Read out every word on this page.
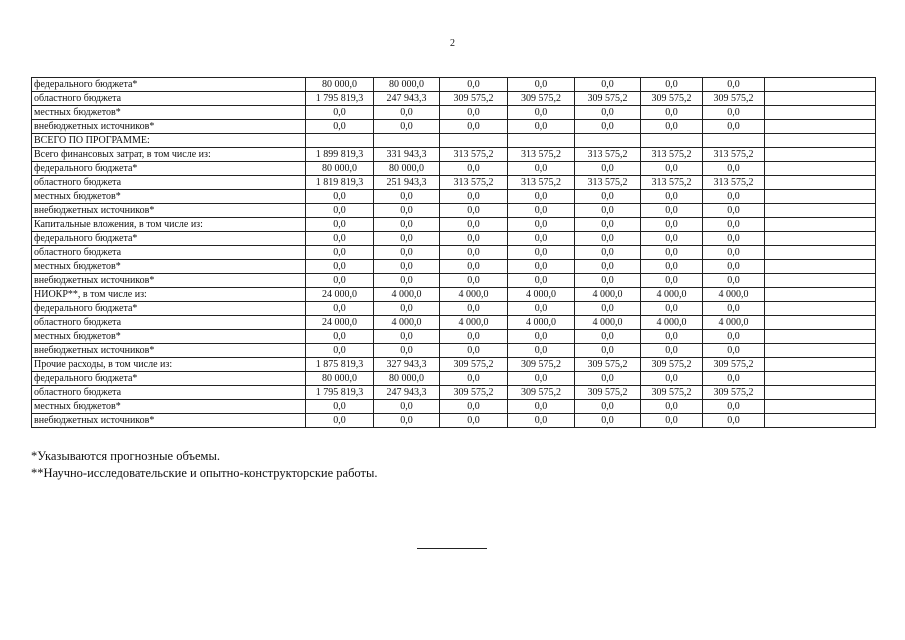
2
федерального бюджета*	80 000,0	80 000,0	0,0	0,0	0,0	0,0	0,0	
областного бюджета	1 795 819,3	247 943,3	309 575,2	309 575,2	309 575,2	309 575,2	309 575,2	
местных бюджетов*	0,0	0,0	0,0	0,0	0,0	0,0	0,0	
внебюджетных источников*	0,0	0,0	0,0	0,0	0,0	0,0	0,0	
ВСЕГО ПО ПРОГРАММЕ:								
Всего финансовых затрат, в том числе из:	1 899 819,3	331 943,3	313 575,2	313 575,2	313 575,2	313 575,2	313 575,2	
федерального бюджета*	80 000,0	80 000,0	0,0	0,0	0,0	0,0	0,0	
областного бюджета	1 819 819,3	251 943,3	313 575,2	313 575,2	313 575,2	313 575,2	313 575,2	
местных бюджетов*	0,0	0,0	0,0	0,0	0,0	0,0	0,0	
внебюджетных источников*	0,0	0,0	0,0	0,0	0,0	0,0	0,0	
Капитальные вложения, в том числе из:	0,0	0,0	0,0	0,0	0,0	0,0	0,0	
федерального бюджета*	0,0	0,0	0,0	0,0	0,0	0,0	0,0	
областного бюджета	0,0	0,0	0,0	0,0	0,0	0,0	0,0	
местных бюджетов*	0,0	0,0	0,0	0,0	0,0	0,0	0,0	
внебюджетных источников*	0,0	0,0	0,0	0,0	0,0	0,0	0,0	
НИОКР**, в том числе из:	24 000,0	4 000,0	4 000,0	4 000,0	4 000,0	4 000,0	4 000,0	
федерального бюджета*	0,0	0,0	0,0	0,0	0,0	0,0	0,0	
областного бюджета	24 000,0	4 000,0	4 000,0	4 000,0	4 000,0	4 000,0	4 000,0	
местных бюджетов*	0,0	0,0	0,0	0,0	0,0	0,0	0,0	
внебюджетных источников*	0,0	0,0	0,0	0,0	0,0	0,0	0,0	
Прочие расходы, в том числе из:	1 875 819,3	327 943,3	309 575,2	309 575,2	309 575,2	309 575,2	309 575,2	
федерального бюджета*	80 000,0	80 000,0	0,0	0,0	0,0	0,0	0,0	
областного бюджета	1 795 819,3	247 943,3	309 575,2	309 575,2	309 575,2	309 575,2	309 575,2	
местных бюджетов*	0,0	0,0	0,0	0,0	0,0	0,0	0,0	
внебюджетных источников*	0,0	0,0	0,0	0,0	0,0	0,0	0,0	
*Указываются прогнозные объемы.
**Научно-исследовательские и опытно-конструкторские работы.
